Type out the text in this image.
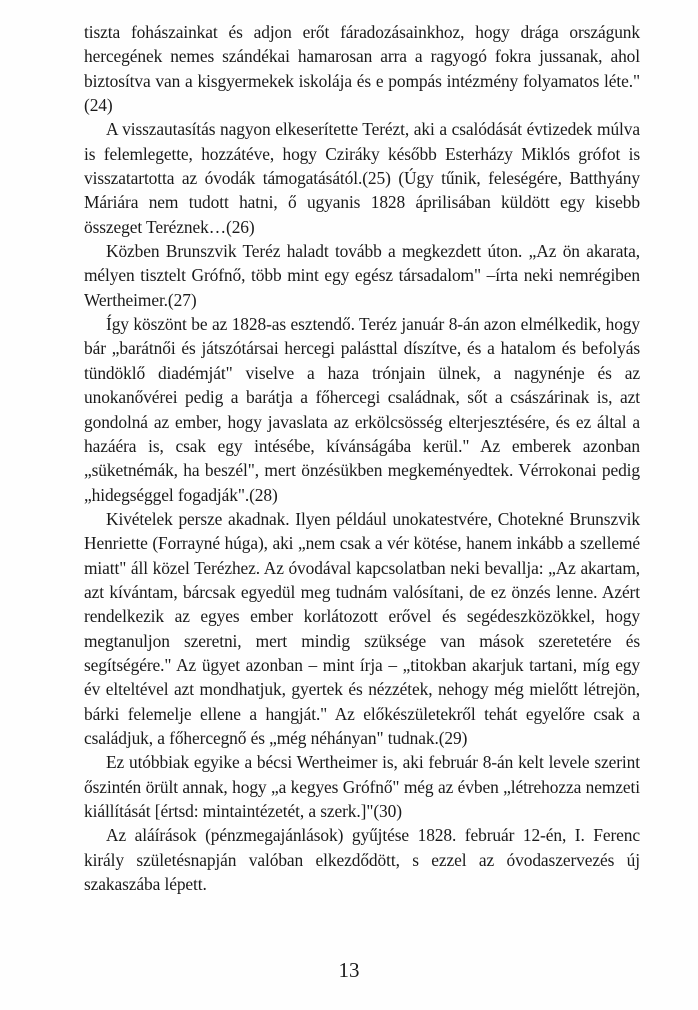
tiszta fohászainkat és adjon erőt fáradozásainkhoz, hogy drága országunk hercegének nemes szándékai hamarosan arra a ragyogó fokra jussanak, ahol biztosítva van a kisgyermekek iskolája és e pompás intézmény folyamatos léte."(24)

A visszautasítás nagyon elkeserítette Terézt, aki a csalódását évtizedek múlva is felemlegette, hozzátéve, hogy Cziráky később Esterházy Miklós grófot is visszatartotta az óvodák támogatásától.(25) (Úgy tűnik, feleségére, Batthyány Máriára nem tudott hatni, ő ugyanis 1828 áprilisában küldött egy kisebb összeget Teréznek…(26)

Közben Brunszvik Teréz haladt tovább a megkezdett úton. „Az ön akarata, mélyen tisztelt Grófnő, több mint egy egész társadalom" –írta neki nemrégiben Wertheimer.(27)

Így köszönt be az 1828-as esztendő. Teréz január 8-án azon elmélkedik, hogy bár „barátnői és játszótársai hercegi palásttal díszítve, és a hatalom és befolyás tündöklő diadémját" viselve a haza trónjain ülnek, a nagynénje és az unokanővérei pedig a barátja a főhercegi családnak, sőt a császárinak is, azt gondolná az ember, hogy javaslata az erkölcsösség elterjesztésére, és ez által a hazáéra is, csak egy intésébe, kívánságába kerül." Az emberek azonban „süketnémák, ha beszél", mert önzésükben megkeményedtek. Vérrokonai pedig „hidegséggel fogadják".(28)

Kivételek persze akadnak. Ilyen például unokatestvére, Chotekné Brunszvik Henriette (Forrayné húga), aki „nem csak a vér kötése, hanem inkább a szellemé miatt" áll közel Terézhez. Az óvodával kapcsolatban neki bevallja: „Az akartam, azt kívántam, bárcsak egyedül meg tudnám valósítani, de ez önzés lenne. Azért rendelkezik az egyes ember korlátozott erővel és segédeszközökkel, hogy megtanuljon szeretni, mert mindig szüksége van mások szeretetére és segítségére." Az ügyet azonban – mint írja – „titokban akarjuk tartani, míg egy év elteltével azt mondhatjuk, gyertek és nézzétek, nehogy még mielőtt létrejön, bárki felemelje ellene a hangját." Az előkészületekről tehát egyelőre csak a családjuk, a főhercegnő és „még néhányan" tudnak.(29)

Ez utóbbiak egyike a bécsi Wertheimer is, aki február 8-án kelt levele szerint őszintén örült annak, hogy „a kegyes Grófnő" még az évben „létrehozza nemzeti kiállítását [értsd: mintaintézetét, a szerk.]"(30)

Az aláírások (pénzmegajánlások) gyűjtése 1828. február 12-én, I. Ferenc király születésnapján valóban elkezdődött, s ezzel az óvodaszervezés új szakaszába lépett.

13
